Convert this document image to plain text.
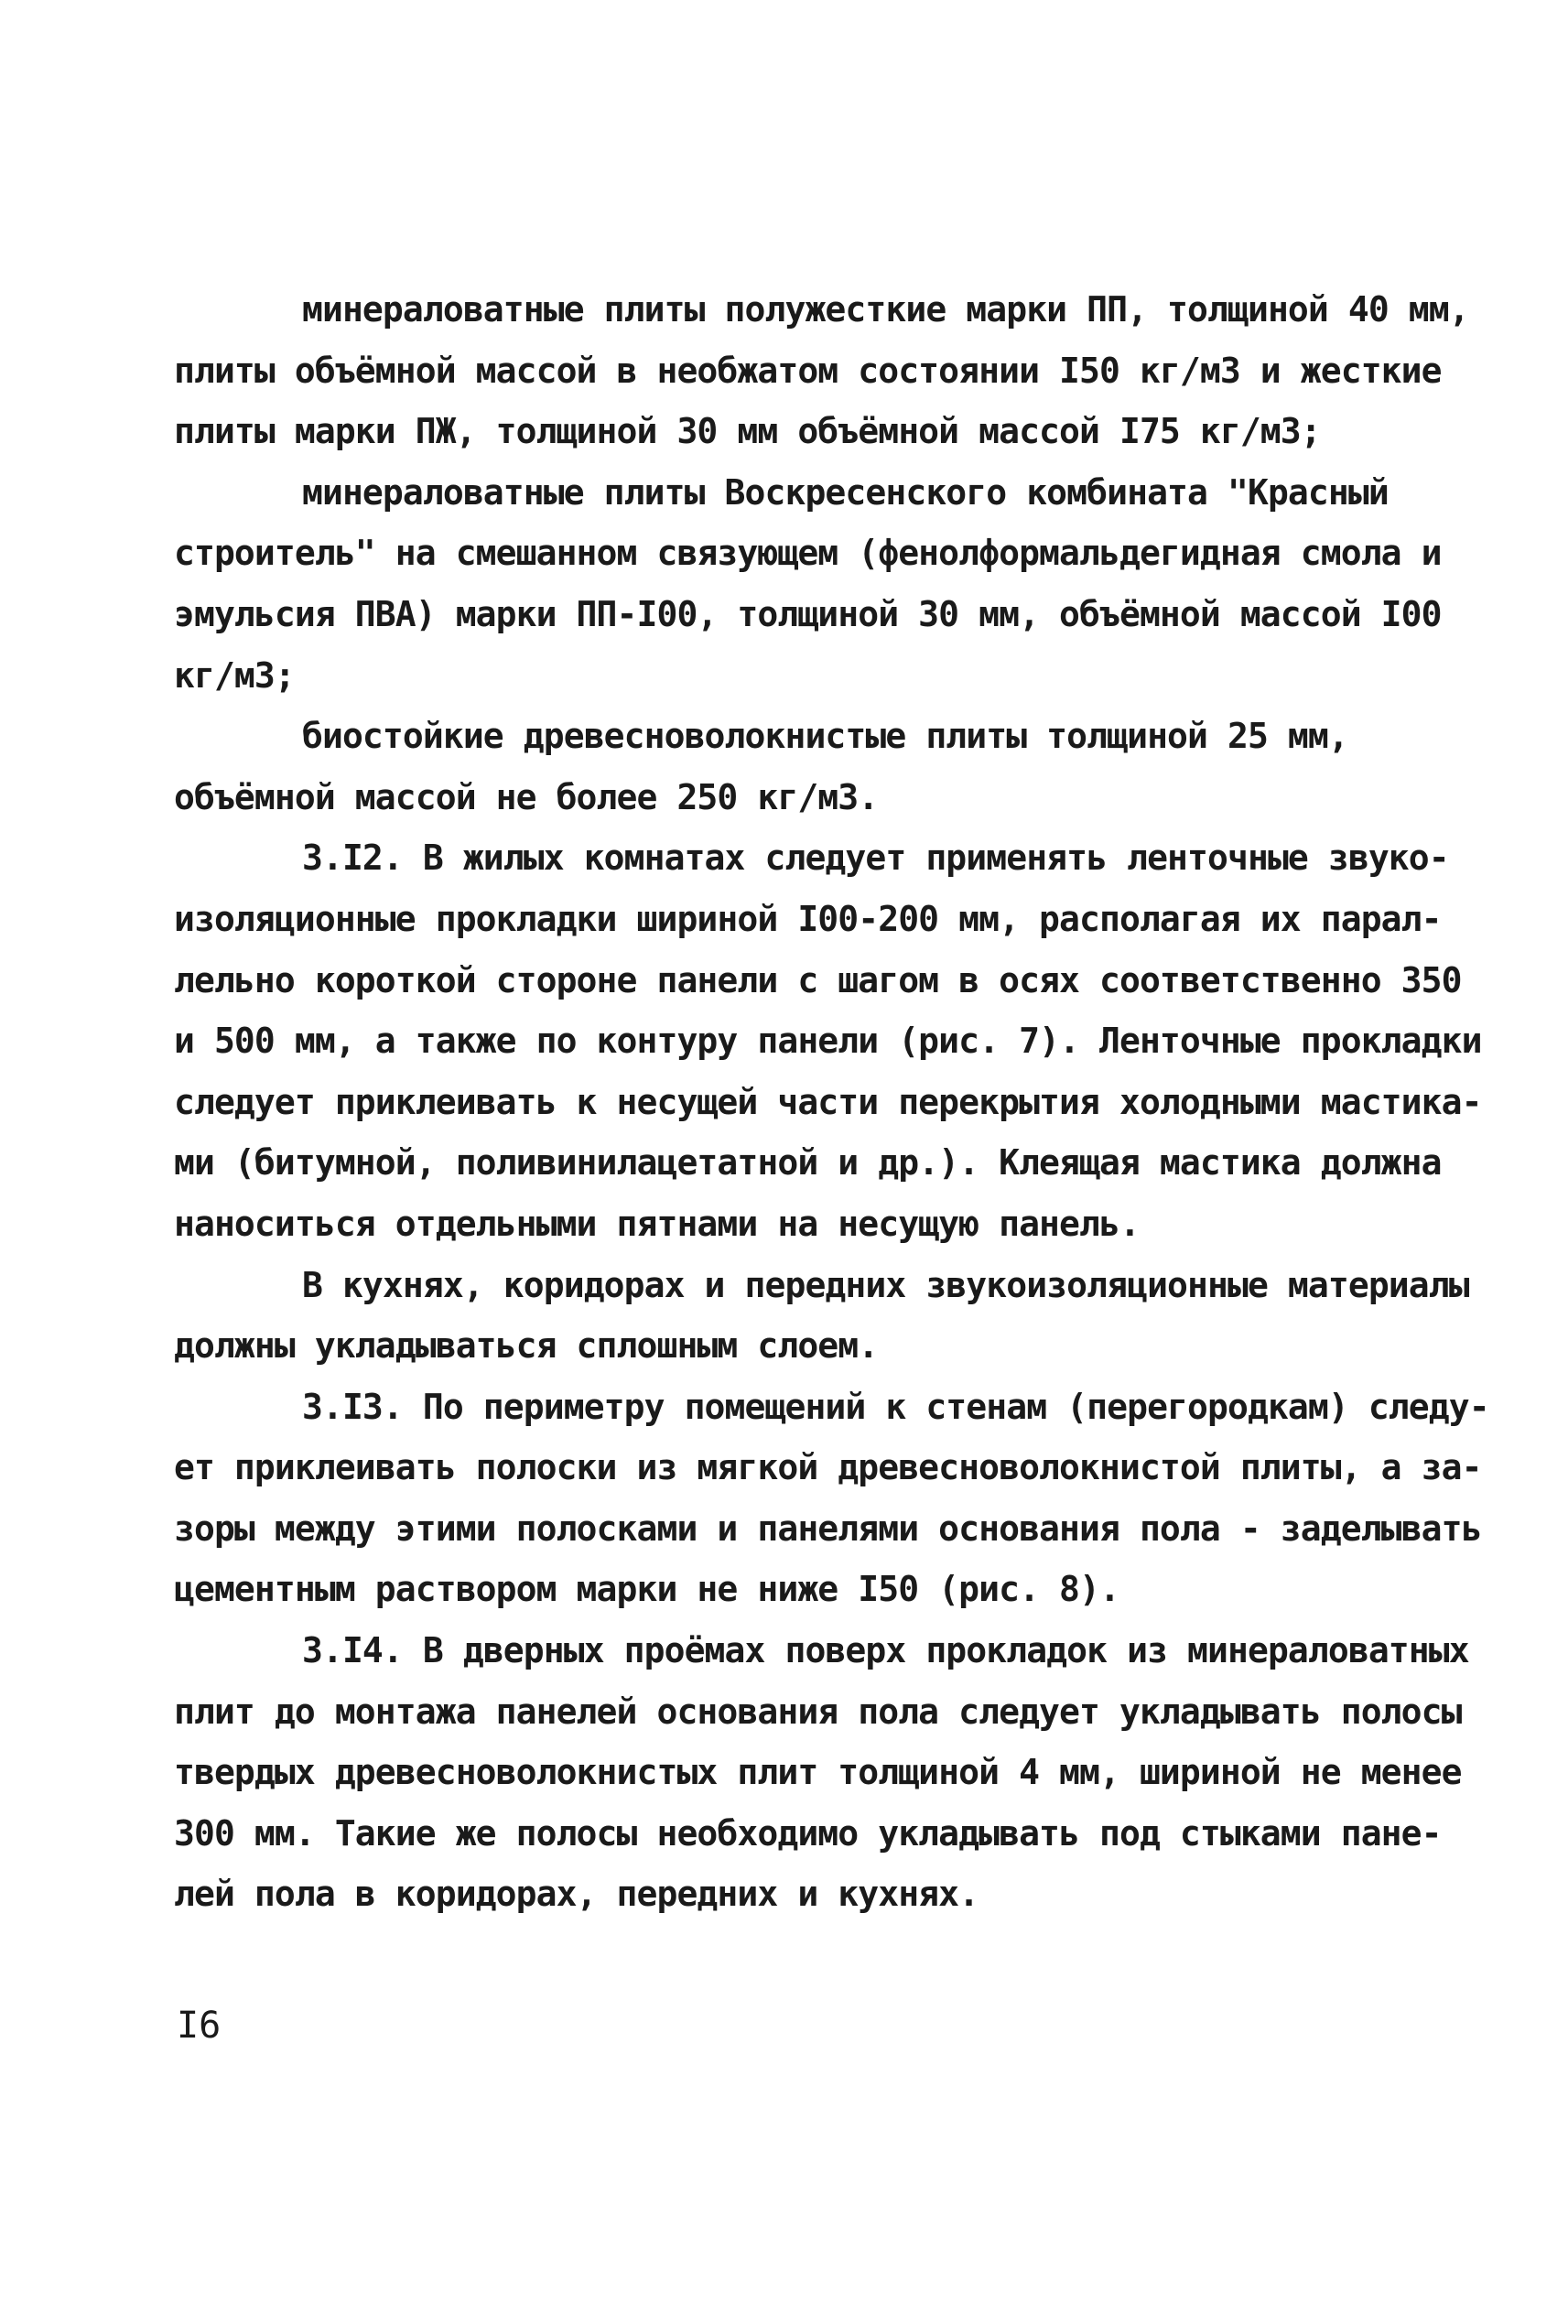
минераловатные плиты полужесткие марки ПП, толщиной 40 мм,
плиты объёмной массой в необжатом состоянии I50 кг/м3 и жесткие
плиты марки ПЖ, толщиной 30 мм объёмной массой I75 кг/м3;
минераловатные плиты Воскресенского комбината "Красный
строитель" на смешанном связующем (фенолформальдегидная смола и
эмульсия ПВА) марки ПП-I00, толщиной 30 мм, объёмной массой I00
кг/м3;
биостойкие древесноволокнистые плиты толщиной 25 мм,
объёмной массой не более 250 кг/м3.
3.I2. В жилых комнатах следует применять ленточные звуко-
изоляционные прокладки шириной I00-200 мм, располагая их парал-
лельно короткой стороне панели с шагом в осях соответственно 350
и 500 мм, а также по контуру панели (рис. 7). Ленточные прокладки
следует приклеивать к несущей части перекрытия холодными мастика-
ми (битумной, поливинилацетатной и др.). Клеящая мастика должна
наноситься отдельными пятнами на несущую панель.
В кухнях, коридорах и передних звукоизоляционные материалы
должны укладываться сплошным слоем.
3.I3. По периметру помещений к стенам (перегородкам) следу-
ет приклеивать полоски из мягкой древесноволокнистой плиты, а за-
зоры между этими полосками и панелями основания пола - заделывать
цементным раствором марки не ниже I50 (рис. 8).
3.I4. В дверных проёмах поверх прокладок из минераловатных
плит до монтажа панелей основания пола следует укладывать полосы
твердых древесноволокнистых плит толщиной 4 мм, шириной не менее
300 мм. Такие же полосы необходимо укладывать под стыками пане-
лей пола в коридорах, передних и кухнях.
I6
